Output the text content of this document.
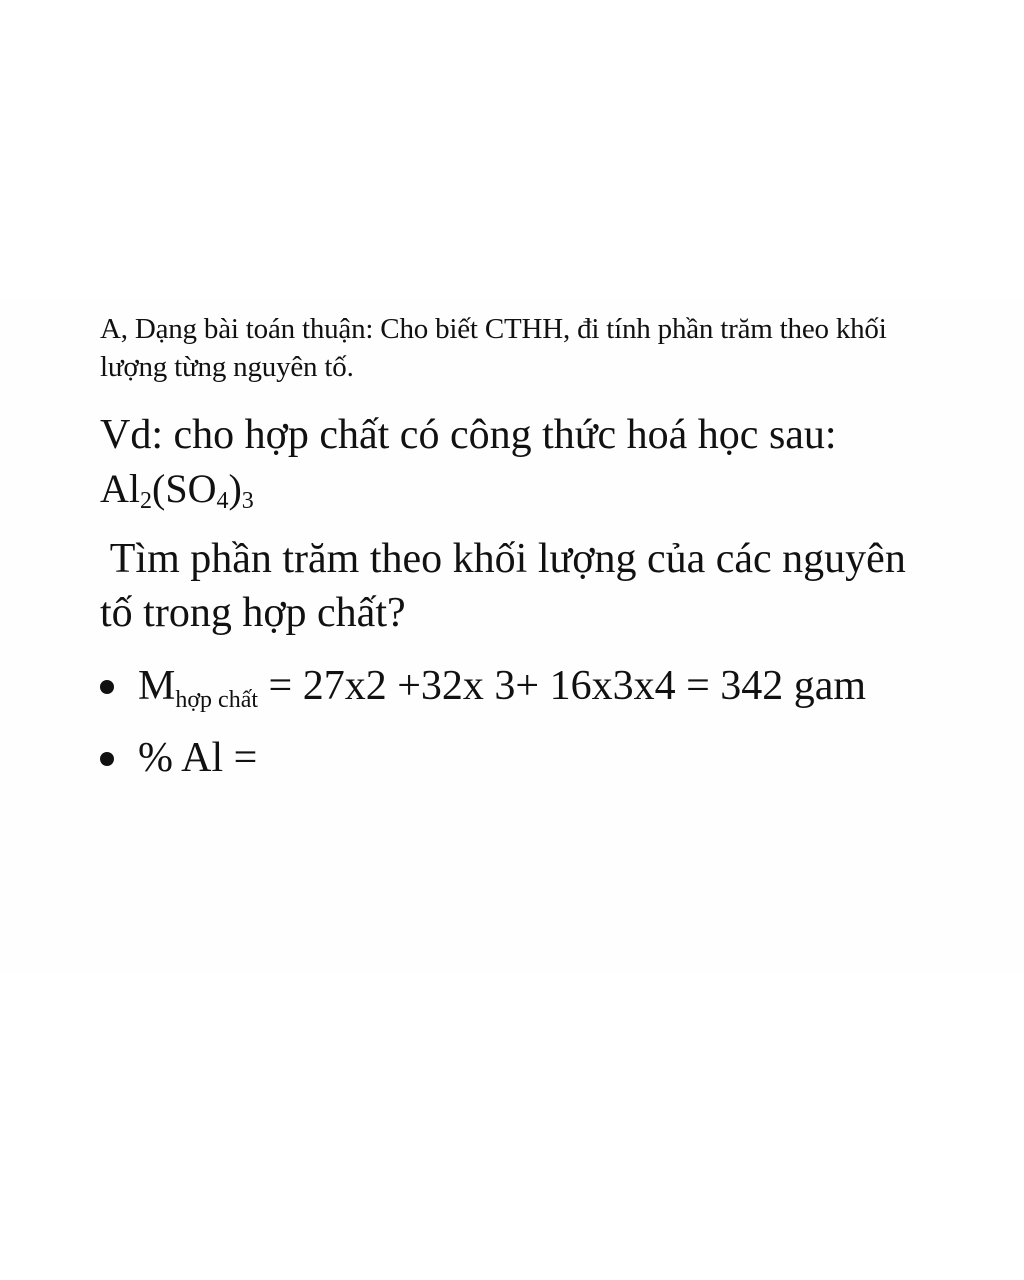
A, Dạng bài toán thuận: Cho biết CTHH, đi tính phần trăm theo khối
lượng từng nguyên tố.

Vd: cho hợp chất có công thức hoá học sau:
$Al_2(SO_4)_3$

Tìm phần trăm theo khối lượng của các nguyên
tố trong hợp chất?

$M_{hợp chất} = 27x2 +32x$ 3+ 16x3x4 = 342 gam
% Al =
